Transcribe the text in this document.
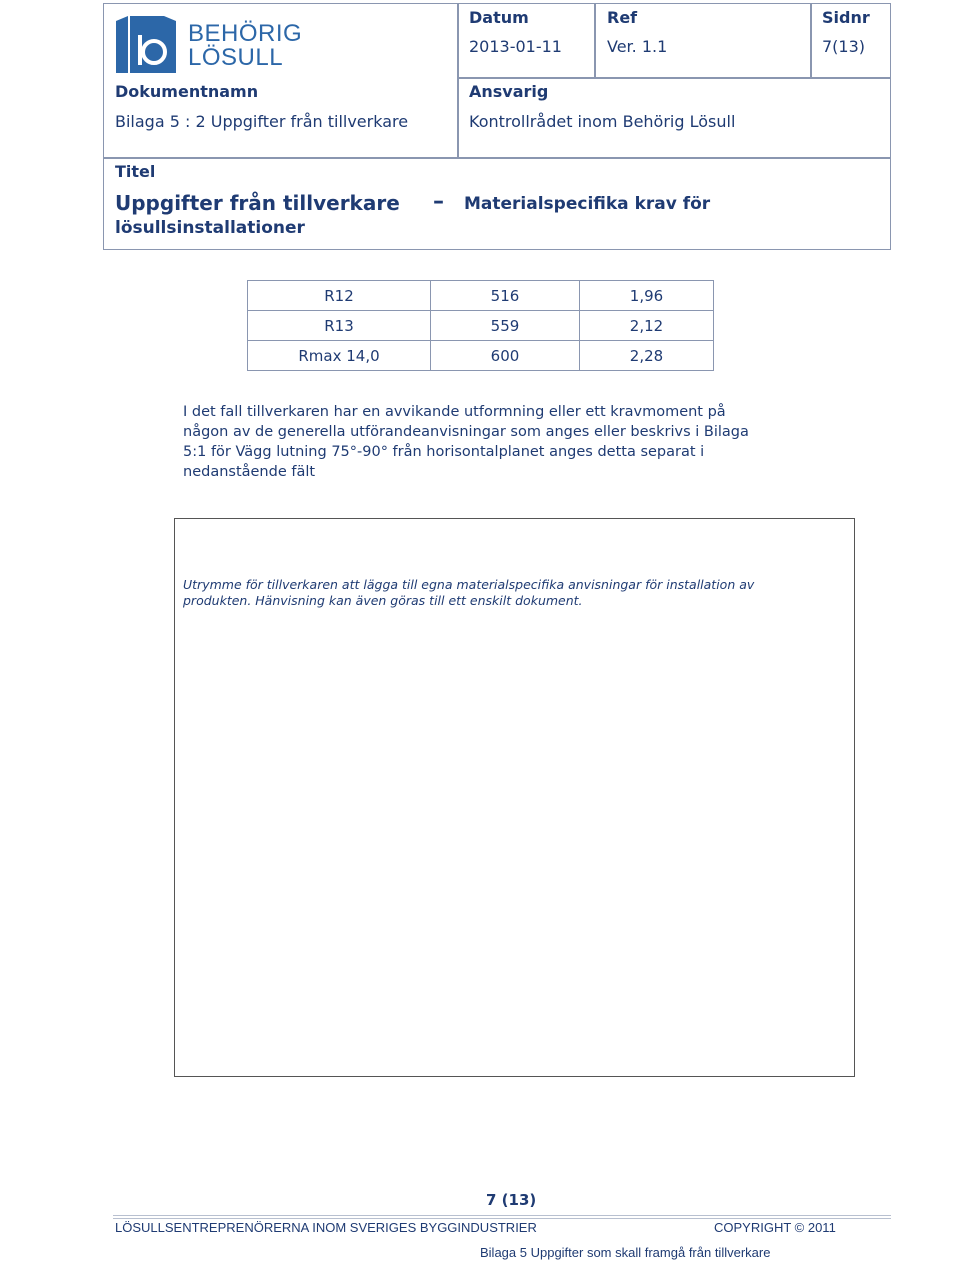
BEHÖRIG
LÖSULL
Datum
2013-01-11
Ref
Ver. 1.1
Sidnr
7(13)
Dokumentnamn
Bilaga 5 : 2 Uppgifter från tillverkare
Ansvarig
Kontrollrådet inom Behörig Lösull
Titel
Uppgifter från tillverkare – Materialspecifika krav för
lösullsinstallationer
R12	516	1,96
R13	559	2,12
Rmax 14,0	600	2,28
I det fall tillverkaren har en avvikande utformning eller ett kravmoment på
någon av de generella utförandeanvisningar som anges eller beskrivs i Bilaga
5:1 för Vägg lutning 75°-90° från horisontalplanet anges detta separat i
nedanstående fält
Utrymme för tillverkaren att lägga till egna materialspecifika anvisningar för installation av
produkten. Hänvisning kan även göras till ett enskilt dokument.
7 (13)
LÖSULLSENTREPRENÖRERNA INOM SVERIGES BYGGINDUSTRIER	COPYRIGHT © 2011
Bilaga 5 Uppgifter som skall framgå från tillverkare
